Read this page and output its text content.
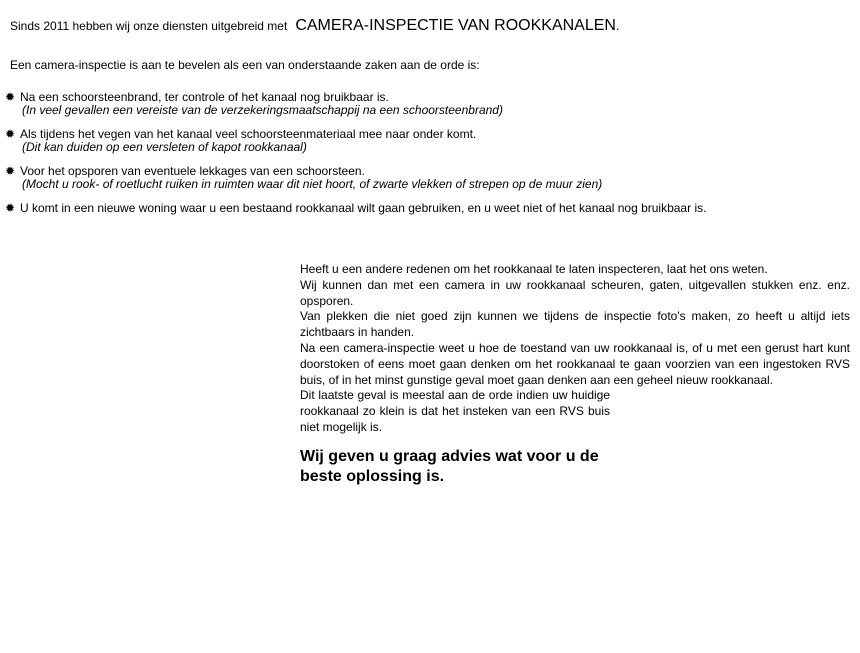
Sinds 2011 hebben wij onze diensten uitgebreid met CAMERA-INSPECTIE VAN ROOKKANALEN.
Een camera-inspectie is aan te bevelen als een van onderstaande zaken aan de orde is:
✹ Na een schoorsteenbrand, ter controle of het kanaal nog bruikbaar is.
(In veel gevallen een vereiste van de verzekeringsmaatschappij na een schoorsteenbrand)
✹ Als tijdens het vegen van het kanaal veel schoorsteenmateriaal mee naar onder komt.
(Dit kan duiden op een versleten of kapot rookkanaal)
✹ Voor het opsporen van eventuele lekkages van een schoorsteen.
(Mocht u rook- of roetlucht ruiken in ruimten waar dit niet hoort, of zwarte vlekken of strepen op de muur zien)
✹ U komt in een nieuwe woning waar u een bestaand rookkanaal wilt gaan gebruiken, en u weet niet of het kanaal nog bruikbaar is.

Heeft u een andere redenen om het rookkanaal te laten inspecteren, laat het ons weten.

Wij kunnen dan met een camera in uw rookkanaal scheuren, gaten, uitgevallen stukken enz. enz. opsporen.

Van plekken die niet goed zijn kunnen we tijdens de inspectie foto's maken, zo heeft u altijd iets zichtbaars in handen.

Na een camera-inspectie weet u hoe de toestand van uw rookkanaal is, of u met een gerust hart kunt doorstoken of eens moet gaan denken om het rookkanaal te gaan voorzien van een ingestoken RVS buis, of in het minst gunstige geval moet gaan denken aan een geheel nieuw rookkanaal.

Dit laatste geval is meestal aan de orde indien uw huidige rookkanaal zo klein is dat het insteken van een RVS buis niet mogelijk is.

Wij geven u graag advies wat voor u de beste oplossing is.
